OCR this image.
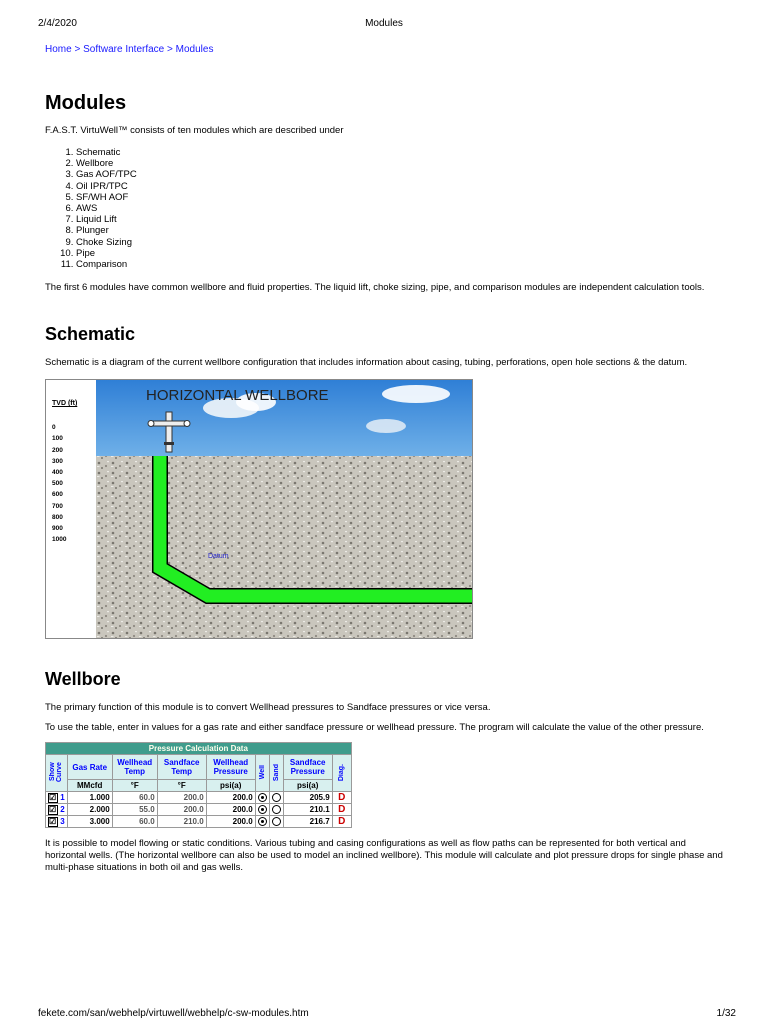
2/4/2020	Modules

Home > Software Interface > Modules

Modules

F.A.S.T. VirtuWell™ consists of ten modules which are described under

1. Schematic
2. Wellbore
3. Gas AOF/TPC
4. Oil IPR/TPC
5. SF/WH AOF
6. AWS
7. Liquid Lift
8. Plunger
9. Choke Sizing
10. Pipe
11. Comparison

The first 6 modules have common wellbore and fluid properties. The liquid lift, choke sizing, pipe, and comparison modules are independent calculation tools.

Schematic

Schematic is a diagram of the current wellbore configuration that includes information about casing, tubing, perforations, open hole sections & the datum.

TVD (ft)
0
100
200
300
400
500
600
700
800
900
1000
HORIZONTAL WELLBORE
Datum
Wellbore

The primary function of this module is to convert Wellhead pressures to Sandface pressures or vice versa.

To use the table, enter in values for a gas rate and either sandface pressure or wellhead pressure. The program will calculate the value of the other pressure.

Pressure Calculation Data								
Show Curve	Gas Rate	Wellhead Temp	Sandface Temp	Wellhead Pressure	Well	Sand	Sandface Pressure	Diag.
	MMcfd	°F	°F	psi(a)			psi(a)	
☑ 1	1.000	60.0	200.0	200.0			205.9	D
☑ 2	2.000	55.0	200.0	200.0			210.1	D
☑ 3	3.000	60.0	210.0	200.0			216.7	D

It is possible to model flowing or static conditions. Various tubing and casing configurations as well as flow paths can be represented for both vertical and horizontal wells. (The horizontal wellbore can also be used to model an inclined wellbore). This module will calculate and plot pressure drops for single phase and multi-phase situations in both oil and gas wells.

fekete.com/san/webhelp/virtuwell/webhelp/c-sw-modules.htm	1/32
